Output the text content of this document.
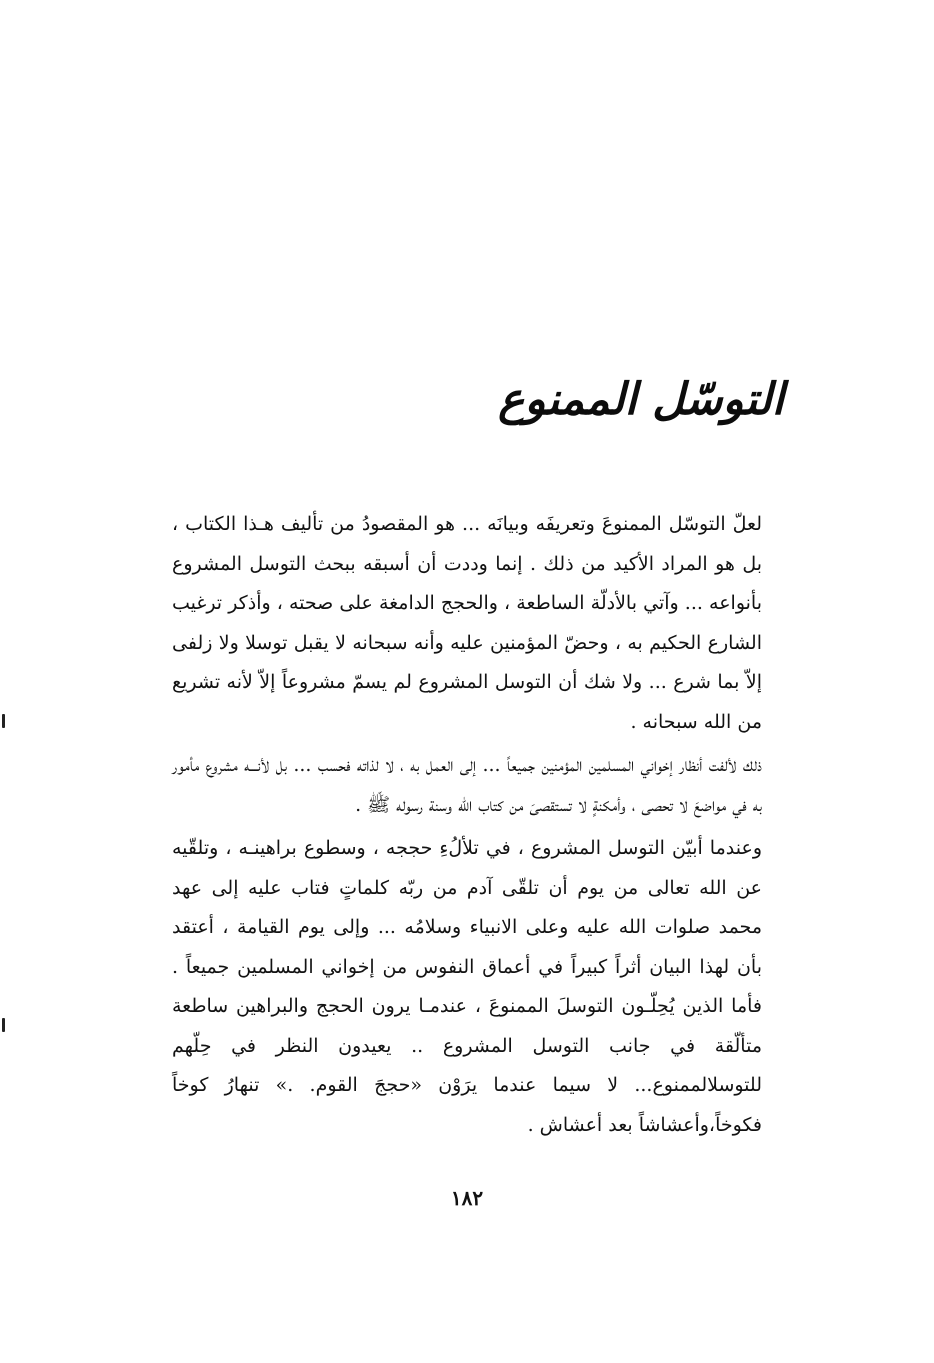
التوسّل الممنوع

لعلّ التوسّل الممنوعَ وتعريفَه وبيانَه ... هو المقصودُ من تأليف هـذا الكتاب ، بل هو المراد الأكيد من ذلك . إنما وددت أن أسبقه ببحث التوسل المشروع بأنواعه ... وآتي بالأدلّة الساطعة ، والحجج الدامغة على صحته ، وأذكر ترغيب الشارع الحكيم به ، وحضّ المؤمنين عليه وأنه سبحانه لا يقبل توسلا ولا زلفى إلاّ بما شرع ... ولا شك أن التوسل المشروع لم يسمّ مشروعاً إلاّ لأنه تشريع من الله سبحانه .

ذلك لألفت أنظار إخواني المسلمين المؤمنين جميعاً ... إلى العمل به ، لا لذاته فحسب ... بل لأنـــه مشروع مأمور به في مواضعَ لا تحصى ، وأمكنةٍ لا تستقصىَ من كتاب الله وسنة رسوله ﷺ .

وعندما أبيّن التوسل المشروع ، في تلألُءِ حججه ، وسطوع براهينـه ، وتلقّيه عن الله تعالى من يوم أن تلقّى آدم من ربّه كلماتٍ فتاب عليه إلى عهد محمد صلوات الله عليه وعلى الانبياء وسلامُه ... وإلى يوم القيامة ، أعتقد بأن لهذا البيان أثراً كبيراً في أعماق النفوس من إخواني المسلمين جميعاً . فأما الذين يُحِلّـون التوسلَ الممنوعَ ، عندمـا يرون الحجج والبراهين ساطعة متألّقة في جانب التوسل المشروع .. يعيدون النظر في حِلّهم للتوسلالممنوع... لا سيما عندما يرَوْن «حججَ القوم. .» تنهارُ كوخاً فكوخاً،وأعشاشاً بعد أعشاش .

١٨٢
